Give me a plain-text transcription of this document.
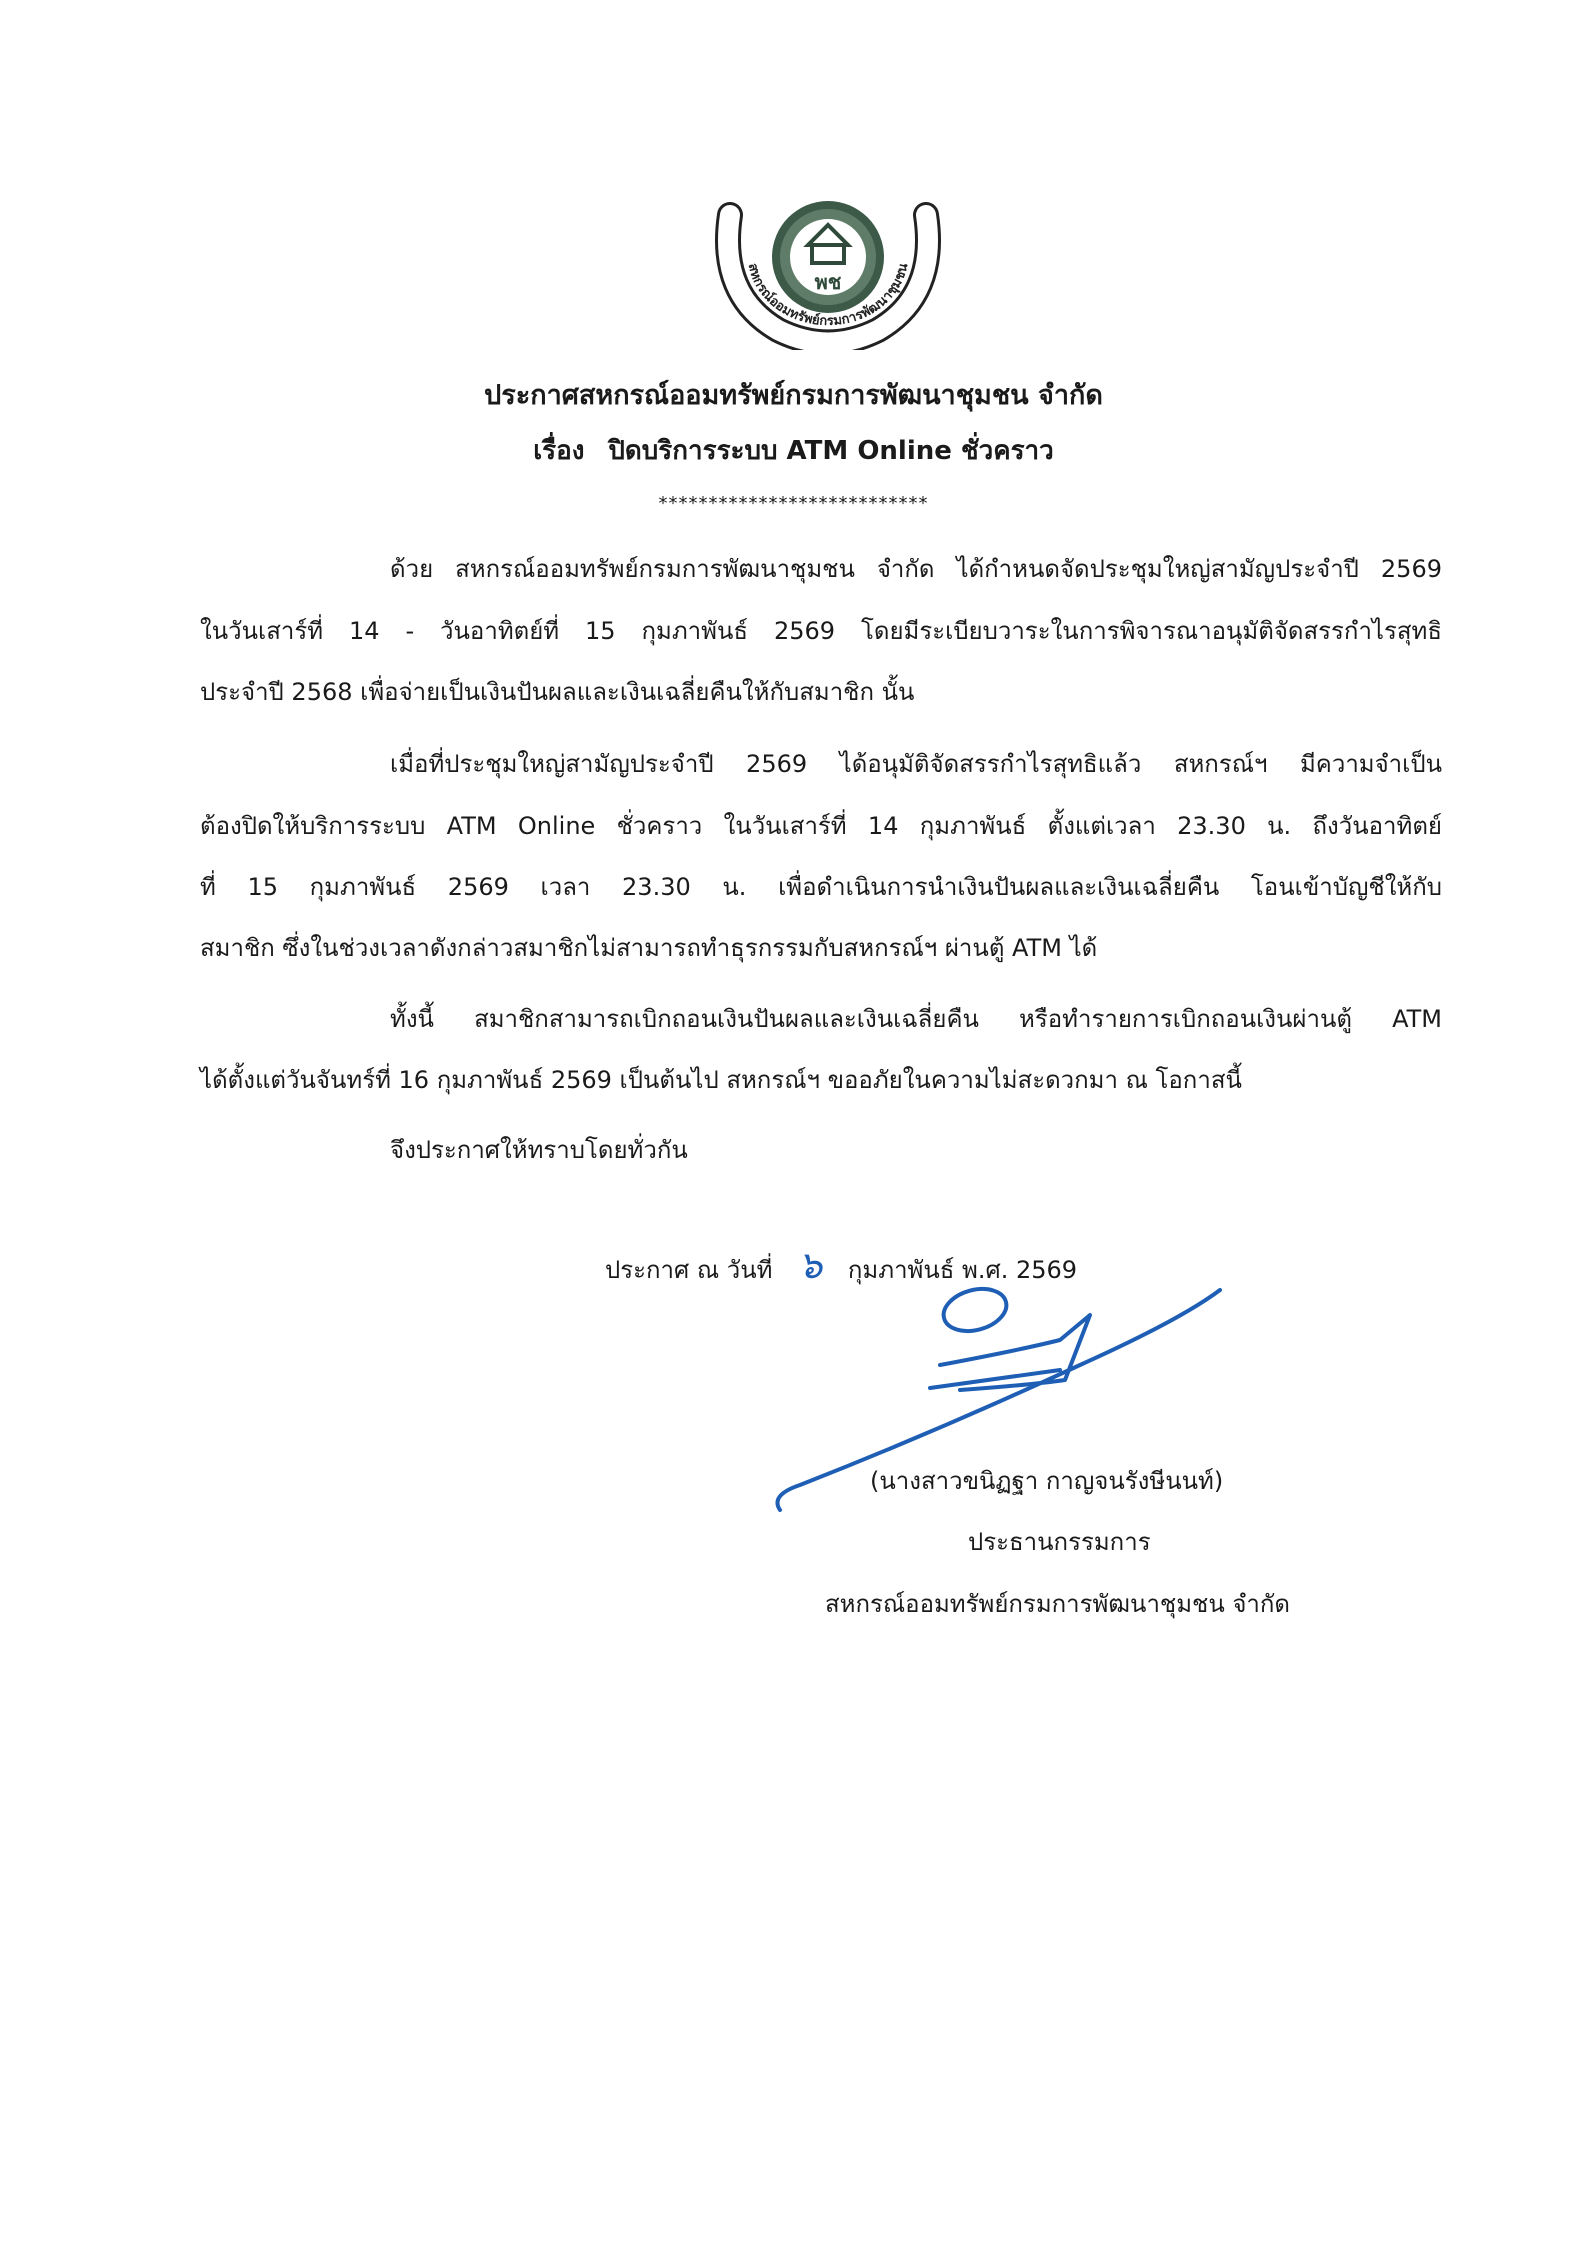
สหกรณ์ออมทรัพย์กรมการพัฒนาชุมชน
พช
ประกาศสหกรณ์ออมทรัพย์กรมการพัฒนาชุมชน จำกัด
เรื่อง ปิดบริการระบบ ATM Online ชั่วคราว
***************************
ด้วย สหกรณ์ออมทรัพย์กรมการพัฒนาชุมชน จำกัด ได้กำหนดจัดประชุมใหญ่สามัญประจำปี 2569
ในวันเสาร์ที่ 14 - วันอาทิตย์ที่ 15 กุมภาพันธ์ 2569 โดยมีระเบียบวาระในการพิจารณาอนุมัติจัดสรรกำไรสุทธิ
ประจำปี 2568 เพื่อจ่ายเป็นเงินปันผลและเงินเฉลี่ยคืนให้กับสมาชิก นั้น
เมื่อที่ประชุมใหญ่สามัญประจำปี 2569 ได้อนุมัติจัดสรรกำไรสุทธิแล้ว สหกรณ์ฯ มีความจำเป็น
ต้องปิดให้บริการระบบ ATM Online ชั่วคราว ในวันเสาร์ที่ 14 กุมภาพันธ์ ตั้งแต่เวลา 23.30 น. ถึงวันอาทิตย์
ที่ 15 กุมภาพันธ์ 2569 เวลา 23.30 น. เพื่อดำเนินการนำเงินปันผลและเงินเฉลี่ยคืน โอนเข้าบัญชีให้กับ
สมาชิก ซึ่งในช่วงเวลาดังกล่าวสมาชิกไม่สามารถทำธุรกรรมกับสหกรณ์ฯ ผ่านตู้ ATM ได้
ทั้งนี้ สมาชิกสามารถเบิกถอนเงินปันผลและเงินเฉลี่ยคืน หรือทำรายการเบิกถอนเงินผ่านตู้ ATM
ได้ตั้งแต่วันจันทร์ที่ 16 กุมภาพันธ์ 2569 เป็นต้นไป สหกรณ์ฯ ขออภัยในความไม่สะดวกมา ณ โอกาสนี้
จึงประกาศให้ทราบโดยทั่วกัน
ประกาศ ณ วันที่ ๖ กุมภาพันธ์ พ.ศ. 2569
(นางสาวขนิฏฐา กาญจนรังษีนนท์)
ประธานกรรมการ
สหกรณ์ออมทรัพย์กรมการพัฒนาชุมชน จำกัด
